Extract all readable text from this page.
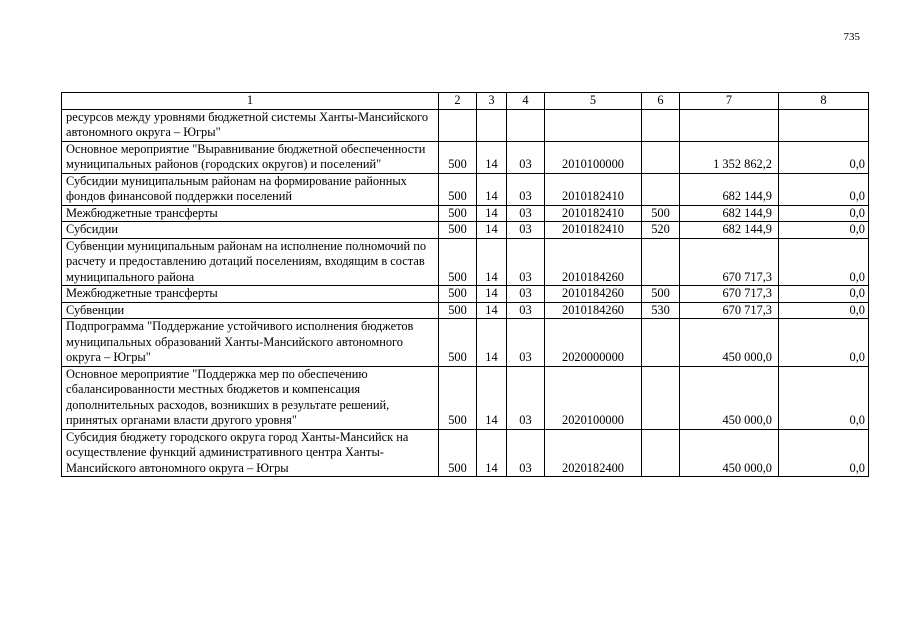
735
1	2	3	4	5	6	7	8
ресурсов между уровнями бюджетной системы Ханты-Мансийского автономного округа – Югры"							
Основное мероприятие "Выравнивание бюджетной обеспеченности муниципальных районов (городских округов) и поселений"	500	14	03	2010100000		1 352 862,2	0,0
Субсидии муниципальным районам на формирование районных фондов финансовой поддержки поселений	500	14	03	2010182410		682 144,9	0,0
Межбюджетные трансферты	500	14	03	2010182410	500	682 144,9	0,0
Субсидии	500	14	03	2010182410	520	682 144,9	0,0
Субвенции муниципальным районам на исполнение полномочий по расчету и предоставлению дотаций поселениям, входящим в состав муниципального района	500	14	03	2010184260		670 717,3	0,0
Межбюджетные трансферты	500	14	03	2010184260	500	670 717,3	0,0
Субвенции	500	14	03	2010184260	530	670 717,3	0,0
Подпрограмма "Поддержание устойчивого исполнения бюджетов муниципальных образований Ханты-Мансийского автономного округа – Югры"	500	14	03	2020000000		450 000,0	0,0
Основное мероприятие "Поддержка мер по обеспечению сбалансированности местных бюджетов и компенсация дополнительных расходов, возникших в результате решений, принятых органами власти другого уровня"	500	14	03	2020100000		450 000,0	0,0
Субсидия бюджету городского округа город Ханты-Мансийск на осуществление функций административного центра Ханты-Мансийского автономного округа – Югры	500	14	03	2020182400		450 000,0	0,0
